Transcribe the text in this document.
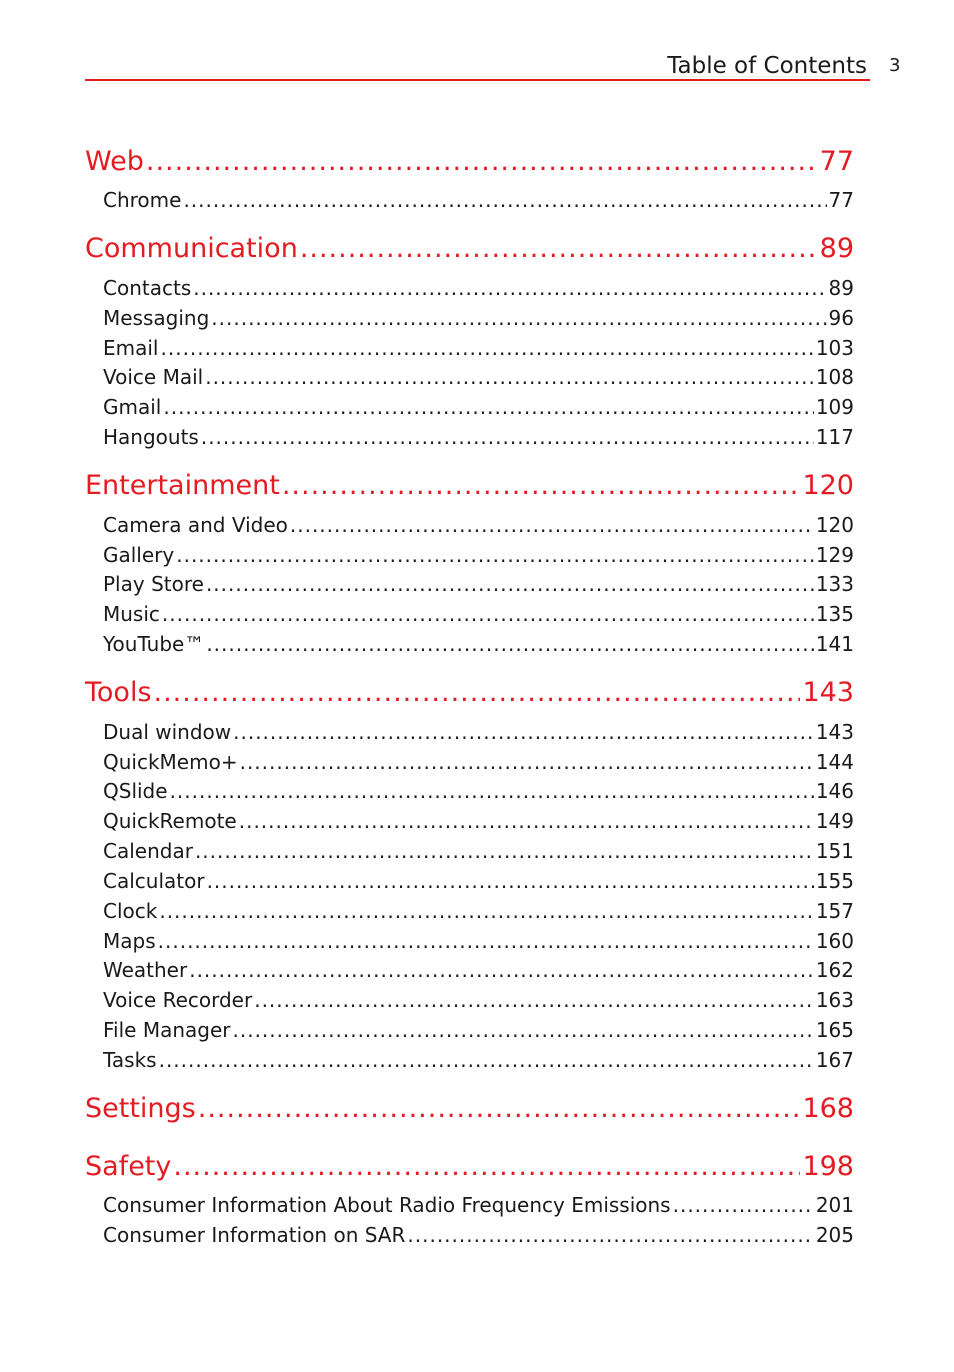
Table of Contents 3
Web .....	77
Chrome .....	77
Communication .....	89
Contacts .....	89
Messaging .....	96
Email .....	103
Voice Mail .....	108
Gmail .....	109
Hangouts .....	117
Entertainment .....	120
Camera and Video .....	120
Gallery .....	129
Play Store .....	133
Music .....	135
YouTube™ .....	141
Tools .....	143
Dual window .....	143
QuickMemo+ .....	144
QSlide .....	146
QuickRemote .....	149
Calendar .....	151
Calculator .....	155
Clock .....	157
Maps .....	160
Weather .....	162
Voice Recorder .....	163
File Manager .....	165
Tasks .....	167
Settings .....	168
Safety .....	198
Consumer Information About Radio Frequency Emissions .....	201
Consumer Information on SAR .....	205
